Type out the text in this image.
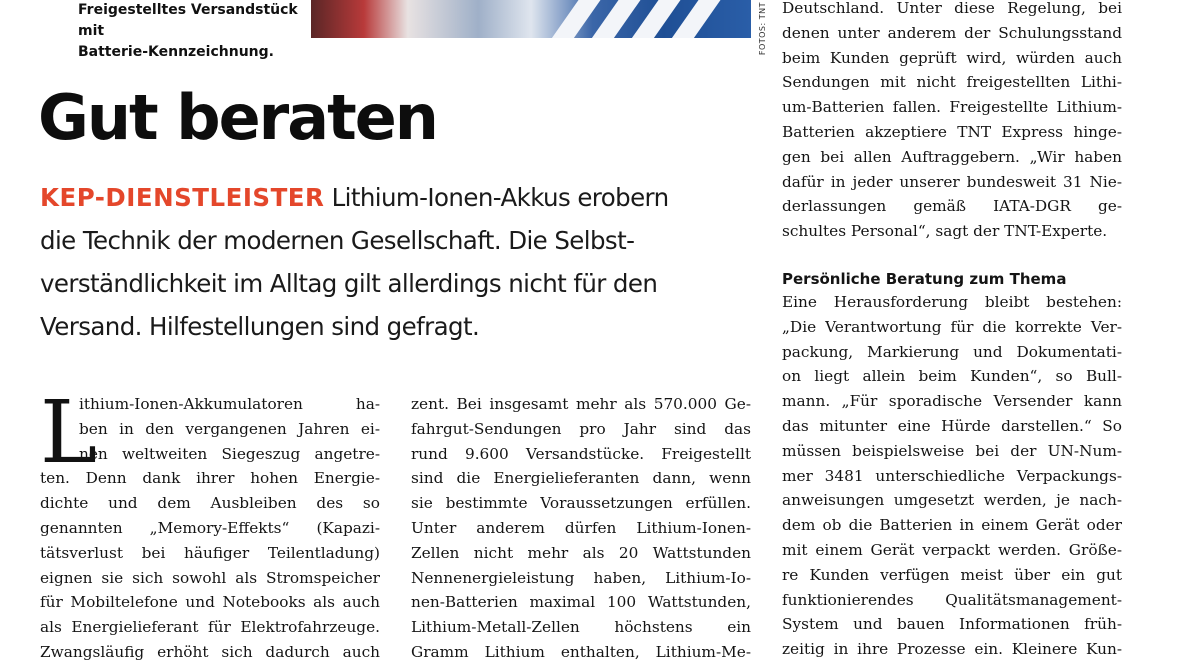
Freigestelltes Versandstück mit
Batterie-Kennzeichnung.	FOTOS: TNT
Gut beraten

KEP-DIENSTLEISTER Lithium-Ionen-Akkus erobern
die Technik der modernen Gesellschaft. Die Selbst-
verständlichkeit im Alltag gilt allerdings nicht für den
Versand. Hilfestellungen sind gefragt.

L
ithium-Ionen-Akkumulatoren ha-
ben in den vergangenen Jahren ei-
nen weltweiten Siegeszug angetre-
ten. Denn dank ihrer hohen Energie-
dichte und dem Ausbleiben des so
genannten „Memory-Effekts“ (Kapazi-
tätsverlust bei häufiger Teilentladung)
eignen sie sich sowohl als Stromspeicher
für Mobiltelefone und Notebooks als auch
als Energielieferant für Elektrofahrzeuge.
Zwangsläufig erhöht sich dadurch auch
zent. Bei insgesamt mehr als 570.000 Ge-
fahrgut-Sendungen pro Jahr sind das
rund 9.600 Versandstücke. Freigestellt
sind die Energielieferanten dann, wenn
sie bestimmte Voraussetzungen erfüllen.
Unter anderem dürfen Lithium-Ionen-
Zellen nicht mehr als 20 Wattstunden
Nennenergieleistung haben, Lithium-Io-
nen-Batterien maximal 100 Wattstunden,
Lithium-Metall-Zellen höchstens ein
Gramm Lithium enthalten, Lithium-Me-
Deutschland. Unter diese Regelung, bei
denen unter anderem der Schulungsstand
beim Kunden geprüft wird, würden auch
Sendungen mit nicht freigestellten Lithi-
um-Batterien fallen. Freigestellte Lithium-
Batterien akzeptiere TNT Express hinge-
gen bei allen Auftraggebern. „Wir haben
dafür in jeder unserer bundesweit 31 Nie-
derlassungen gemäß IATA-DGR ge-
schultes Personal“, sagt der TNT-Experte.
Persönliche Beratung zum Thema
Eine Herausforderung bleibt bestehen:
„Die Verantwortung für die korrekte Ver-
packung, Markierung und Dokumentati-
on liegt allein beim Kunden“, so Bull-
mann. „Für sporadische Versender kann
das mitunter eine Hürde darstellen.“ So
müssen beispielsweise bei der UN-Num-
mer 3481 unterschiedliche Verpackungs-
anweisungen umgesetzt werden, je nach-
dem ob die Batterien in einem Gerät oder
mit einem Gerät verpackt werden. Größe-
re Kunden verfügen meist über ein gut
funktionierendes Qualitätsmanagement-
System und bauen Informationen früh-
zeitig in ihre Prozesse ein. Kleinere Kun-
